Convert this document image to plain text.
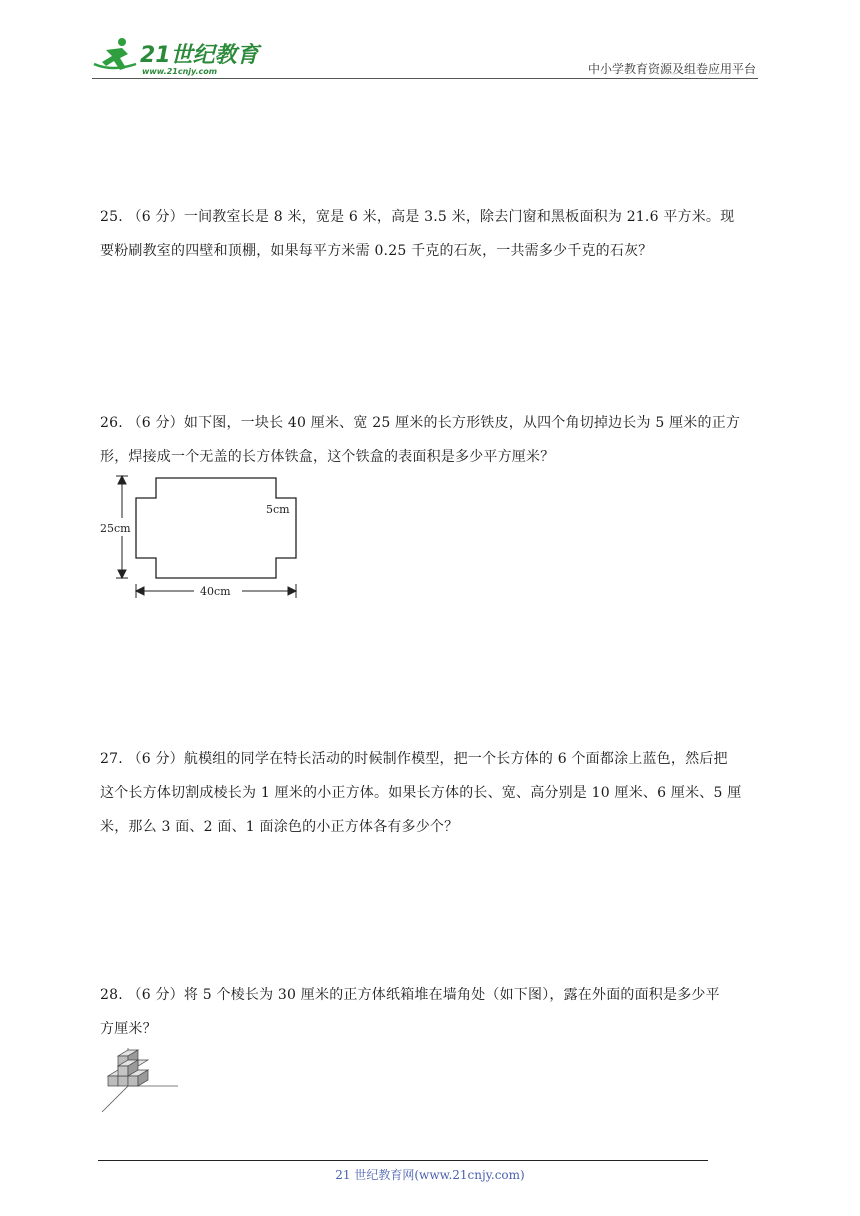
21世纪教育
www.21cnjy.com	中小学教育资源及组卷应用平台

25. （6 分）一间教室长是 8 米，宽是 6 米，高是 3.5 米，除去门窗和黑板面积为 21.6 平方米。现

要粉刷教室的四壁和顶棚，如果每平方米需 0.25 千克的石灰，一共需多少千克的石灰？

26. （6 分）如下图，一块长 40 厘米、宽 25 厘米的长方形铁皮，从四个角切掉边长为 5 厘米的正方

形，焊接成一个无盖的长方体铁盒，这个铁盒的表面积是多少平方厘米？

25cm
5cm
40cm

27. （6 分）航模组的同学在特长活动的时候制作模型，把一个长方体的 6 个面都涂上蓝色，然后把

这个长方体切割成棱长为 1 厘米的小正方体。如果长方体的长、宽、高分别是 10 厘米、6 厘米、5 厘

米，那么 3 面、2 面、1 面涂色的小正方体各有多少个？

28. （6 分）将 5 个棱长为 30 厘米的正方体纸箱堆在墙角处（如下图），露在外面的面积是多少平

方厘米？

21 世纪教育网(www.21cnjy.com)
